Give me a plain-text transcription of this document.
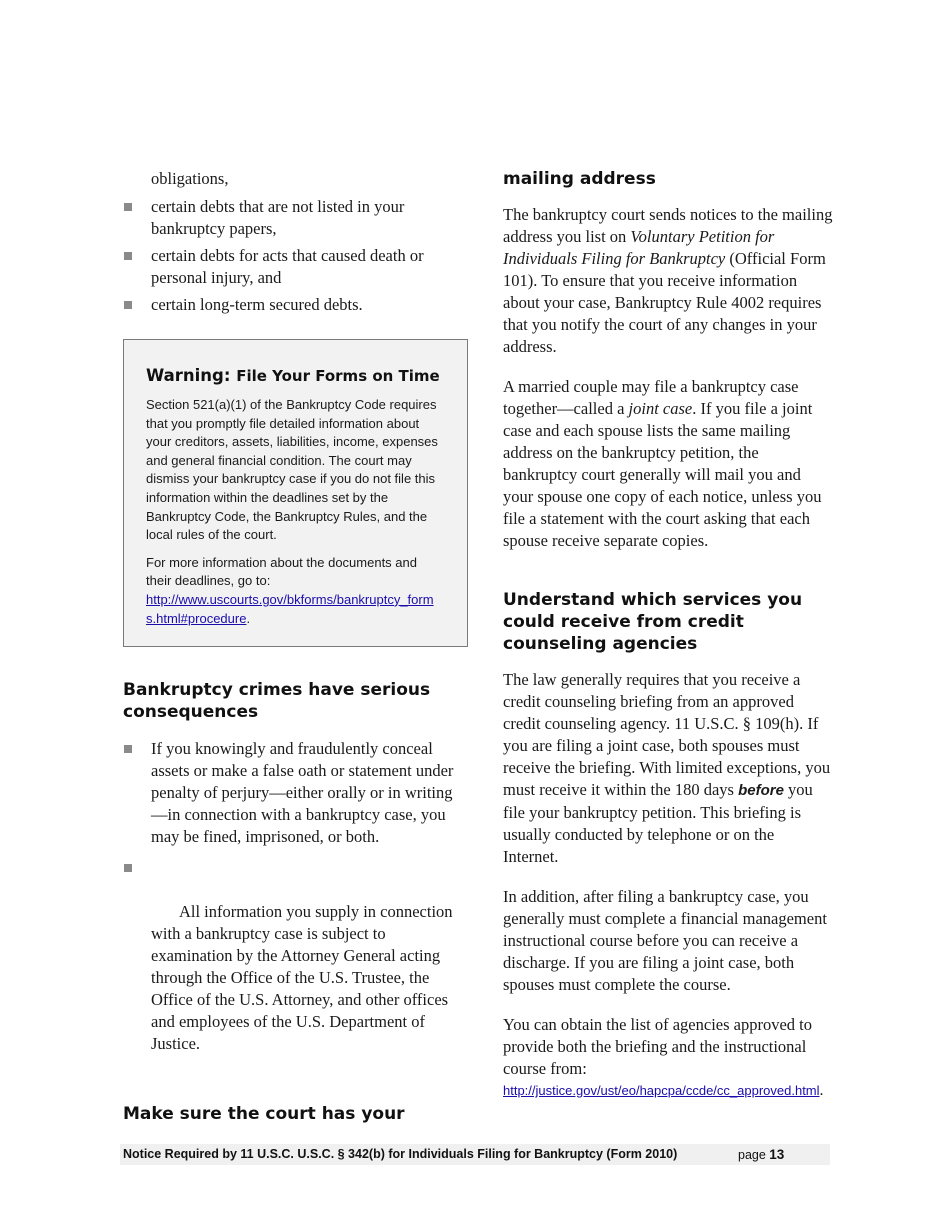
obligations,
certain debts that are not listed in your bankruptcy papers,
certain debts for acts that caused death or personal injury, and
certain long-term secured debts.
Warning: File Your Forms on Time

Section 521(a)(1) of the Bankruptcy Code requires that you promptly file detailed information about your creditors, assets, liabilities, income, expenses and general financial condition. The court may dismiss your bankruptcy case if you do not file this information within the deadlines set by the Bankruptcy Code, the Bankruptcy Rules, and the local rules of the court.

For more information about the documents and their deadlines, go to:

http://www.uscourts.gov/bkforms/bankruptcy_form
s.html#procedure.

Bankruptcy crimes have serious consequences
If you knowingly and fraudulently conceal assets or make a false oath or statement under penalty of perjury—either orally or in writing—in connection with a bankruptcy case, you may be fined, imprisoned, or both.

All information you supply in connection with a bankruptcy case is subject to examination by the Attorney General acting through the Office of the U.S. Trustee, the Office of the U.S. Attorney, and other offices and employees of the U.S. Department of Justice.

Make sure the court has your
mailing address

The bankruptcy court sends notices to the mailing address you list on Voluntary Petition for Individuals Filing for Bankruptcy (Official Form 101). To ensure that you receive information about your case, Bankruptcy Rule 4002 requires that you notify the court of any changes in your address.

A married couple may file a bankruptcy case together—called a joint case. If you file a joint case and each spouse lists the same mailing address on the bankruptcy petition, the bankruptcy court generally will mail you and your spouse one copy of each notice, unless you file a statement with the court asking that each spouse receive separate copies.

Understand which services you could receive from credit counseling agencies

The law generally requires that you receive a credit counseling briefing from an approved credit counseling agency. 11 U.S.C. § 109(h). If you are filing a joint case, both spouses must receive the briefing. With limited exceptions, you must receive it within the 180 days before you file your bankruptcy petition. This briefing is usually conducted by telephone or on the Internet.

In addition, after filing a bankruptcy case, you generally must complete a financial management instructional course before you can receive a discharge. If you are filing a joint case, both spouses must complete the course.

You can obtain the list of agencies approved to provide both the briefing and the instructional course from:

http://justice.gov/ust/eo/hapcpa/ccde/cc_approved.html.
Notice Required by 11 U.S.C. U.S.C. § 342(b) for Individuals Filing for Bankruptcy (Form 2010)	page 13
